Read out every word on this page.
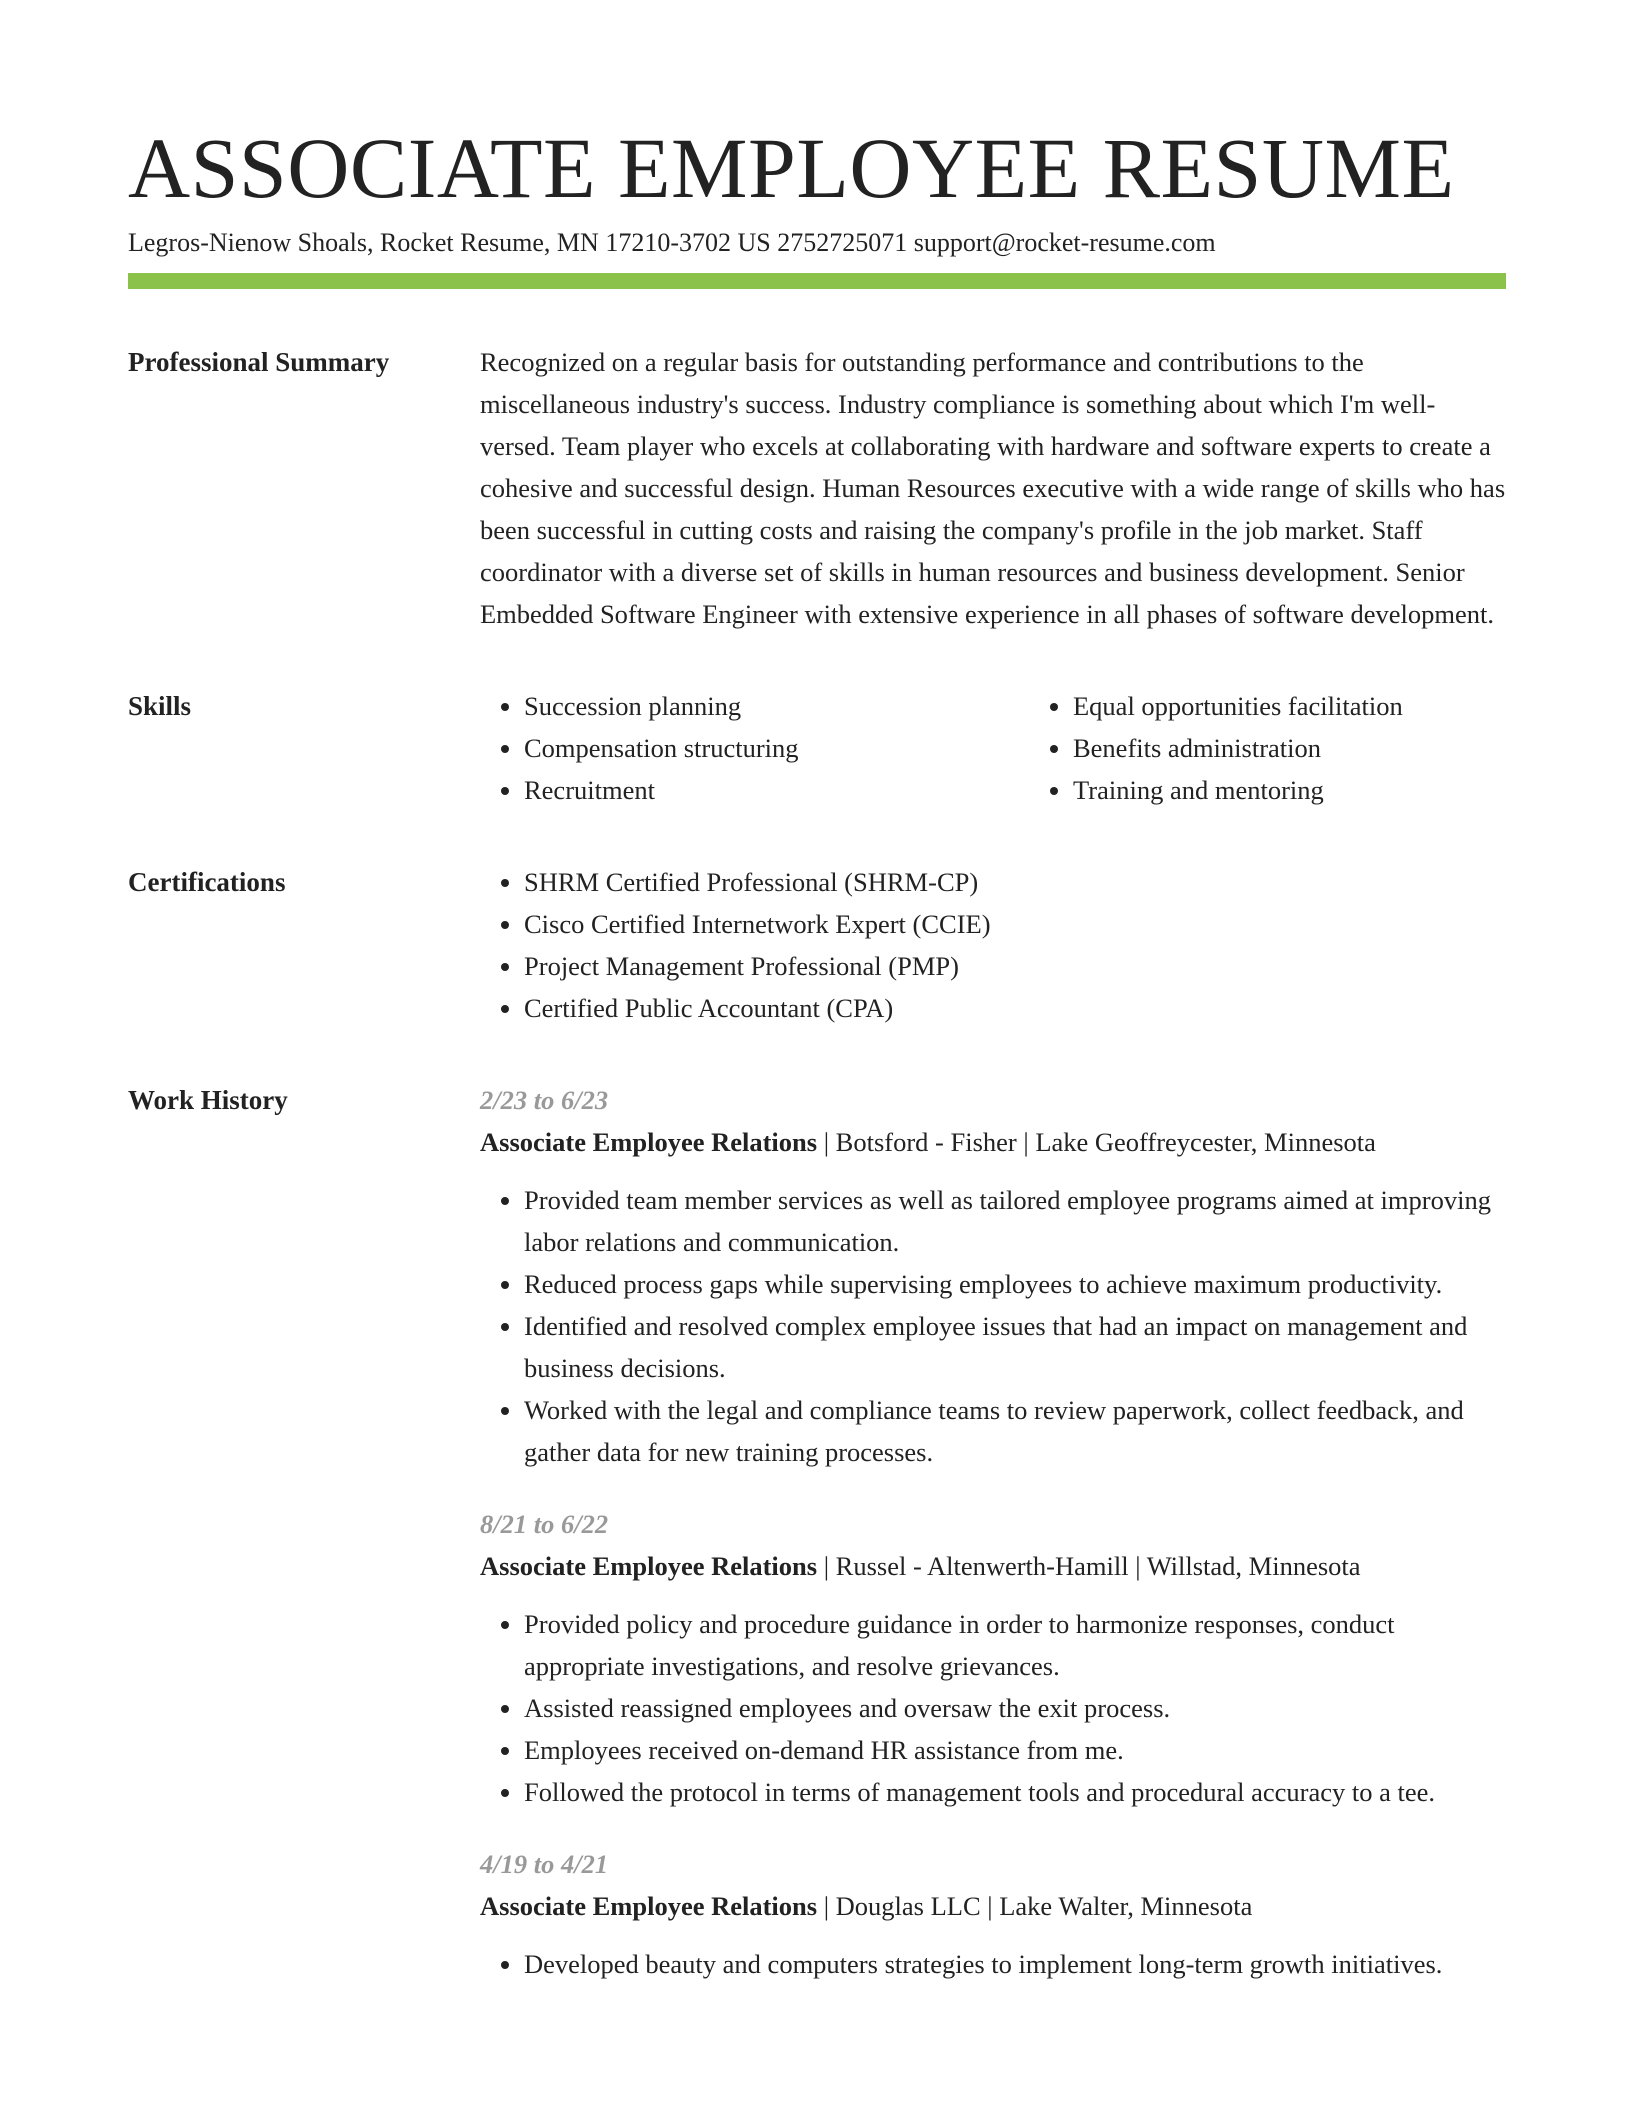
ASSOCIATE EMPLOYEE RESUME
Legros-Nienow Shoals, Rocket Resume, MN 17210-3702 US 2752725071 support@rocket-resume.com
Professional Summary	Recognized on a regular basis for outstanding performance and contributions to the miscellaneous industry's success. Industry compliance is something about which I'm well-versed. Team player who excels at collaborating with hardware and software experts to create a cohesive and successful design. Human Resources executive with a wide range of skills who has been successful in cutting costs and raising the company's profile in the job market. Staff coordinator with a diverse set of skills in human resources and business development. Senior Embedded Software Engineer with extensive experience in all phases of software development.

Skills	• Succession planning
• Compensation structuring
• Recruitment
• Equal opportunities facilitation
• Benefits administration
• Training and mentoring
Certifications	• SHRM Certified Professional (SHRM-CP)
• Cisco Certified Internetwork Expert (CCIE)
• Project Management Professional (PMP)
• Certified Public Accountant (CPA)
Work History	2/23 to 6/23
Associate Employee Relations | Botsford - Fisher | Lake Geoffreycester, Minnesota
• Provided team member services as well as tailored employee programs aimed at improving labor relations and communication.
• Reduced process gaps while supervising employees to achieve maximum productivity.
• Identified and resolved complex employee issues that had an impact on management and business decisions.
• Worked with the legal and compliance teams to review paperwork, collect feedback, and gather data for new training processes.
8/21 to 6/22
Associate Employee Relations | Russel - Altenwerth-Hamill | Willstad, Minnesota
• Provided policy and procedure guidance in order to harmonize responses, conduct appropriate investigations, and resolve grievances.
• Assisted reassigned employees and oversaw the exit process.
• Employees received on-demand HR assistance from me.
• Followed the protocol in terms of management tools and procedural accuracy to a tee.
4/19 to 4/21
Associate Employee Relations | Douglas LLC | Lake Walter, Minnesota
• Developed beauty and computers strategies to implement long-term growth initiatives.
